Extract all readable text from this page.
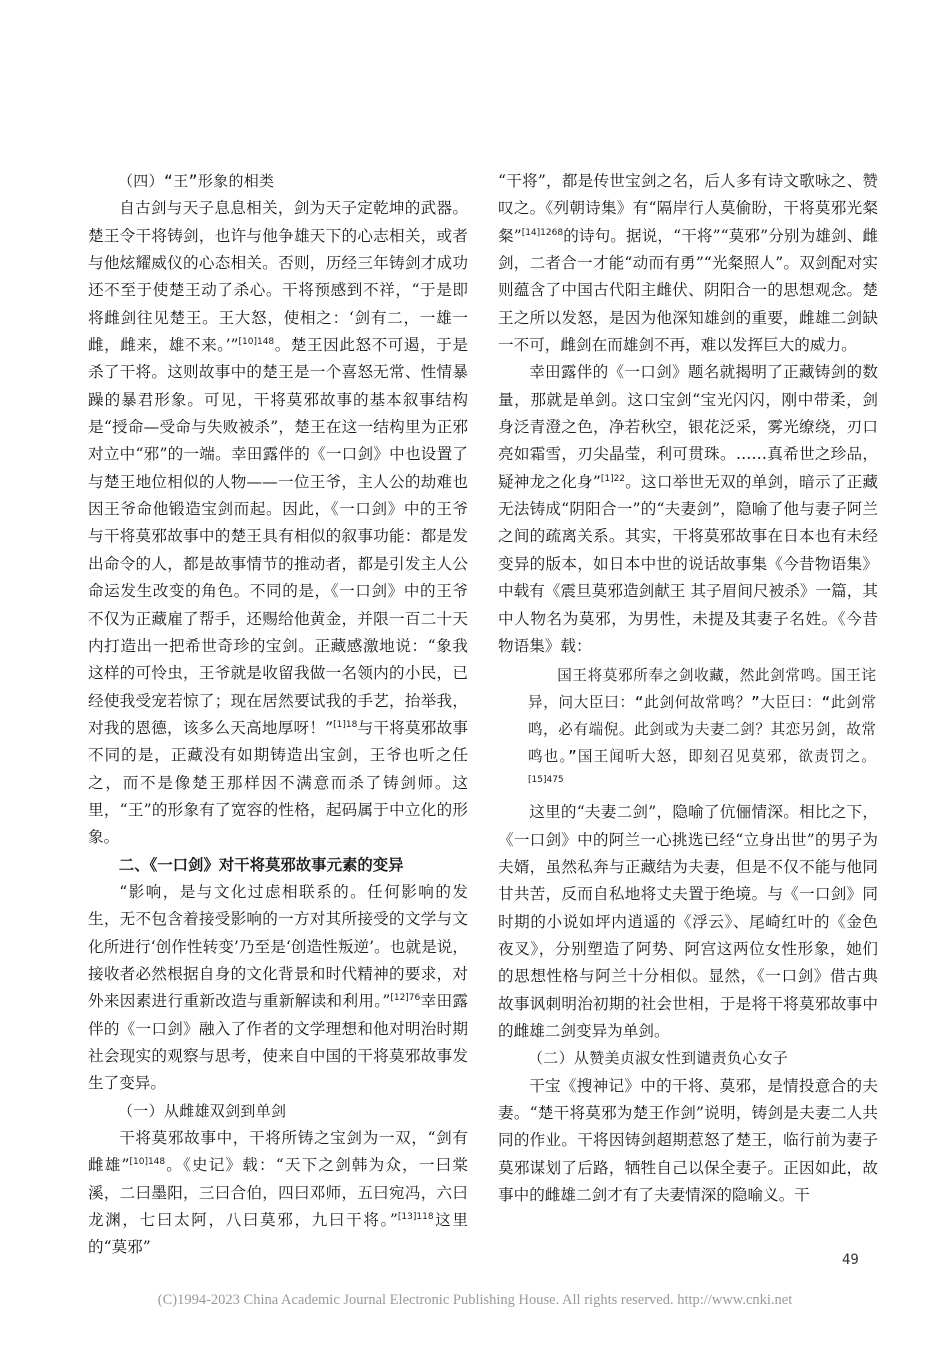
（四）“王”形象的相类

自古剑与天子息息相关，剑为天子定乾坤的武器。楚王令干将铸剑，也许与他争雄天下的心志相关，或者与他炫耀威仪的心态相关。否则，历经三年铸剑才成功还不至于使楚王动了杀心。干将预感到不祥，“于是即将雌剑往见楚王。王大怒，使相之：‘剑有二，一雄一雌，雌来，雄不来。’”$^{[10]148}$。楚王因此怒不可遏，于是杀了干将。这则故事中的楚王是一个喜怒无常、性情暴躁的暴君形象。可见，干将莫邪故事的基本叙事结构是“授命—受命与失败被杀”，楚王在这一结构里为正邪对立中“邪”的一端。幸田露伴的《一口剑》中也设置了与楚王地位相似的人物——一位王爷，主人公的劫难也因王爷命他锻造宝剑而起。因此，《一口剑》中的王爷与干将莫邪故事中的楚王具有相似的叙事功能：都是发出命令的人，都是故事情节的推动者，都是引发主人公命运发生改变的角色。不同的是，《一口剑》中的王爷不仅为正藏雇了帮手，还赐给他黄金，并限一百二十天内打造出一把希世奇珍的宝剑。正藏感激地说：“象我这样的可怜虫，王爷就是收留我做一名领内的小民，已经使我受宠若惊了；现在居然要试我的手艺，抬举我，对我的恩德，该多么天高地厚呀！”$^{[1]18}$与干将莫邪故事不同的是，正藏没有如期铸造出宝剑，王爷也听之任之，而不是像楚王那样因不满意而杀了铸剑师。这里，“王”的形象有了宽容的性格，起码属于中立化的形象。

二、《一口剑》对干将莫邪故事元素的变异

“影响，是与文化过虑相联系的。任何影响的发生，无不包含着接受影响的一方对其所接受的文学与文化所进行‘创作性转变’乃至是‘创造性叛逆’。也就是说，接收者必然根据自身的文化背景和时代精神的要求，对外来因素进行重新改造与重新解读和利用。”$^{[12]76}$幸田露伴的《一口剑》融入了作者的文学理想和他对明治时期社会现实的观察与思考，使来自中国的干将莫邪故事发生了变异。

（一）从雌雄双剑到单剑

干将莫邪故事中，干将所铸之宝剑为一双，“剑有雌雄”$^{[10]148}$。《史记》载：“天下之剑韩为众，一曰棠溪，二曰墨阳，三曰合伯，四曰邓师，五曰宛冯，六曰龙渊，七曰太阿，八曰莫邪，九曰干将。”$^{[13]118}$这里的“莫邪”

“干将”，都是传世宝剑之名，后人多有诗文歌咏之、赞叹之。《列朝诗集》有“隔岸行人莫偷盼，干将莫邪光粲粲”$^{[14]1268}$的诗句。据说，“干将”“莫邪”分别为雄剑、雌剑，二者合一才能“动而有勇”“光粲照人”。双剑配对实则蕴含了中国古代阳主雌伏、阴阳合一的思想观念。楚王之所以发怒，是因为他深知雄剑的重要，雌雄二剑缺一不可，雌剑在而雄剑不再，难以发挥巨大的威力。

幸田露伴的《一口剑》题名就揭明了正藏铸剑的数量，那就是单剑。这口宝剑“宝光闪闪，刚中带柔，剑身泛青澄之色，净若秋空，银花泛采，雾光缭绕，刃口亮如霜雪，刃尖晶莹，利可贯珠。……真希世之珍品，疑神龙之化身”$^{[1]22}$。这口举世无双的单剑，暗示了正藏无法铸成“阴阳合一”的“夫妻剑”，隐喻了他与妻子阿兰之间的疏离关系。其实，干将莫邪故事在日本也有未经变异的版本，如日本中世的说话故事集《今昔物语集》中载有《震旦莫邪造剑献王 其子眉间尺被杀》一篇，其中人物名为莫邪，为男性，未提及其妻子名姓。《今昔物语集》载：

国王将莫邪所奉之剑收藏，然此剑常鸣。国王诧异，问大臣曰：“此剑何故常鸣？”大臣曰：“此剑常鸣，必有端倪。此剑或为夫妻二剑？其恋另剑，故常鸣也。”国王闻听大怒，即刻召见莫邪，欲责罚之。$^{[15]475}$

这里的“夫妻二剑”，隐喻了伉俪情深。相比之下，《一口剑》中的阿兰一心挑选已经“立身出世”的男子为夫婿，虽然私奔与正藏结为夫妻，但是不仅不能与他同甘共苦，反而自私地将丈夫置于绝境。与《一口剑》同时期的小说如坪内逍遥的《浮云》、尾崎红叶的《金色夜叉》，分别塑造了阿势、阿宫这两位女性形象，她们的思想性格与阿兰十分相似。显然，《一口剑》借古典故事讽刺明治初期的社会世相，于是将干将莫邪故事中的雌雄二剑变异为单剑。

（二）从赞美贞淑女性到谴责负心女子

干宝《搜神记》中的干将、莫邪，是情投意合的夫妻。“楚干将莫邪为楚王作剑”说明，铸剑是夫妻二人共同的作业。干将因铸剑超期惹怒了楚王，临行前为妻子莫邪谋划了后路，牺牲自己以保全妻子。正因如此，故事中的雌雄二剑才有了夫妻情深的隐喻义。干

49
(C)1994-2023 China Academic Journal Electronic Publishing House. All rights reserved. http://www.cnki.net
